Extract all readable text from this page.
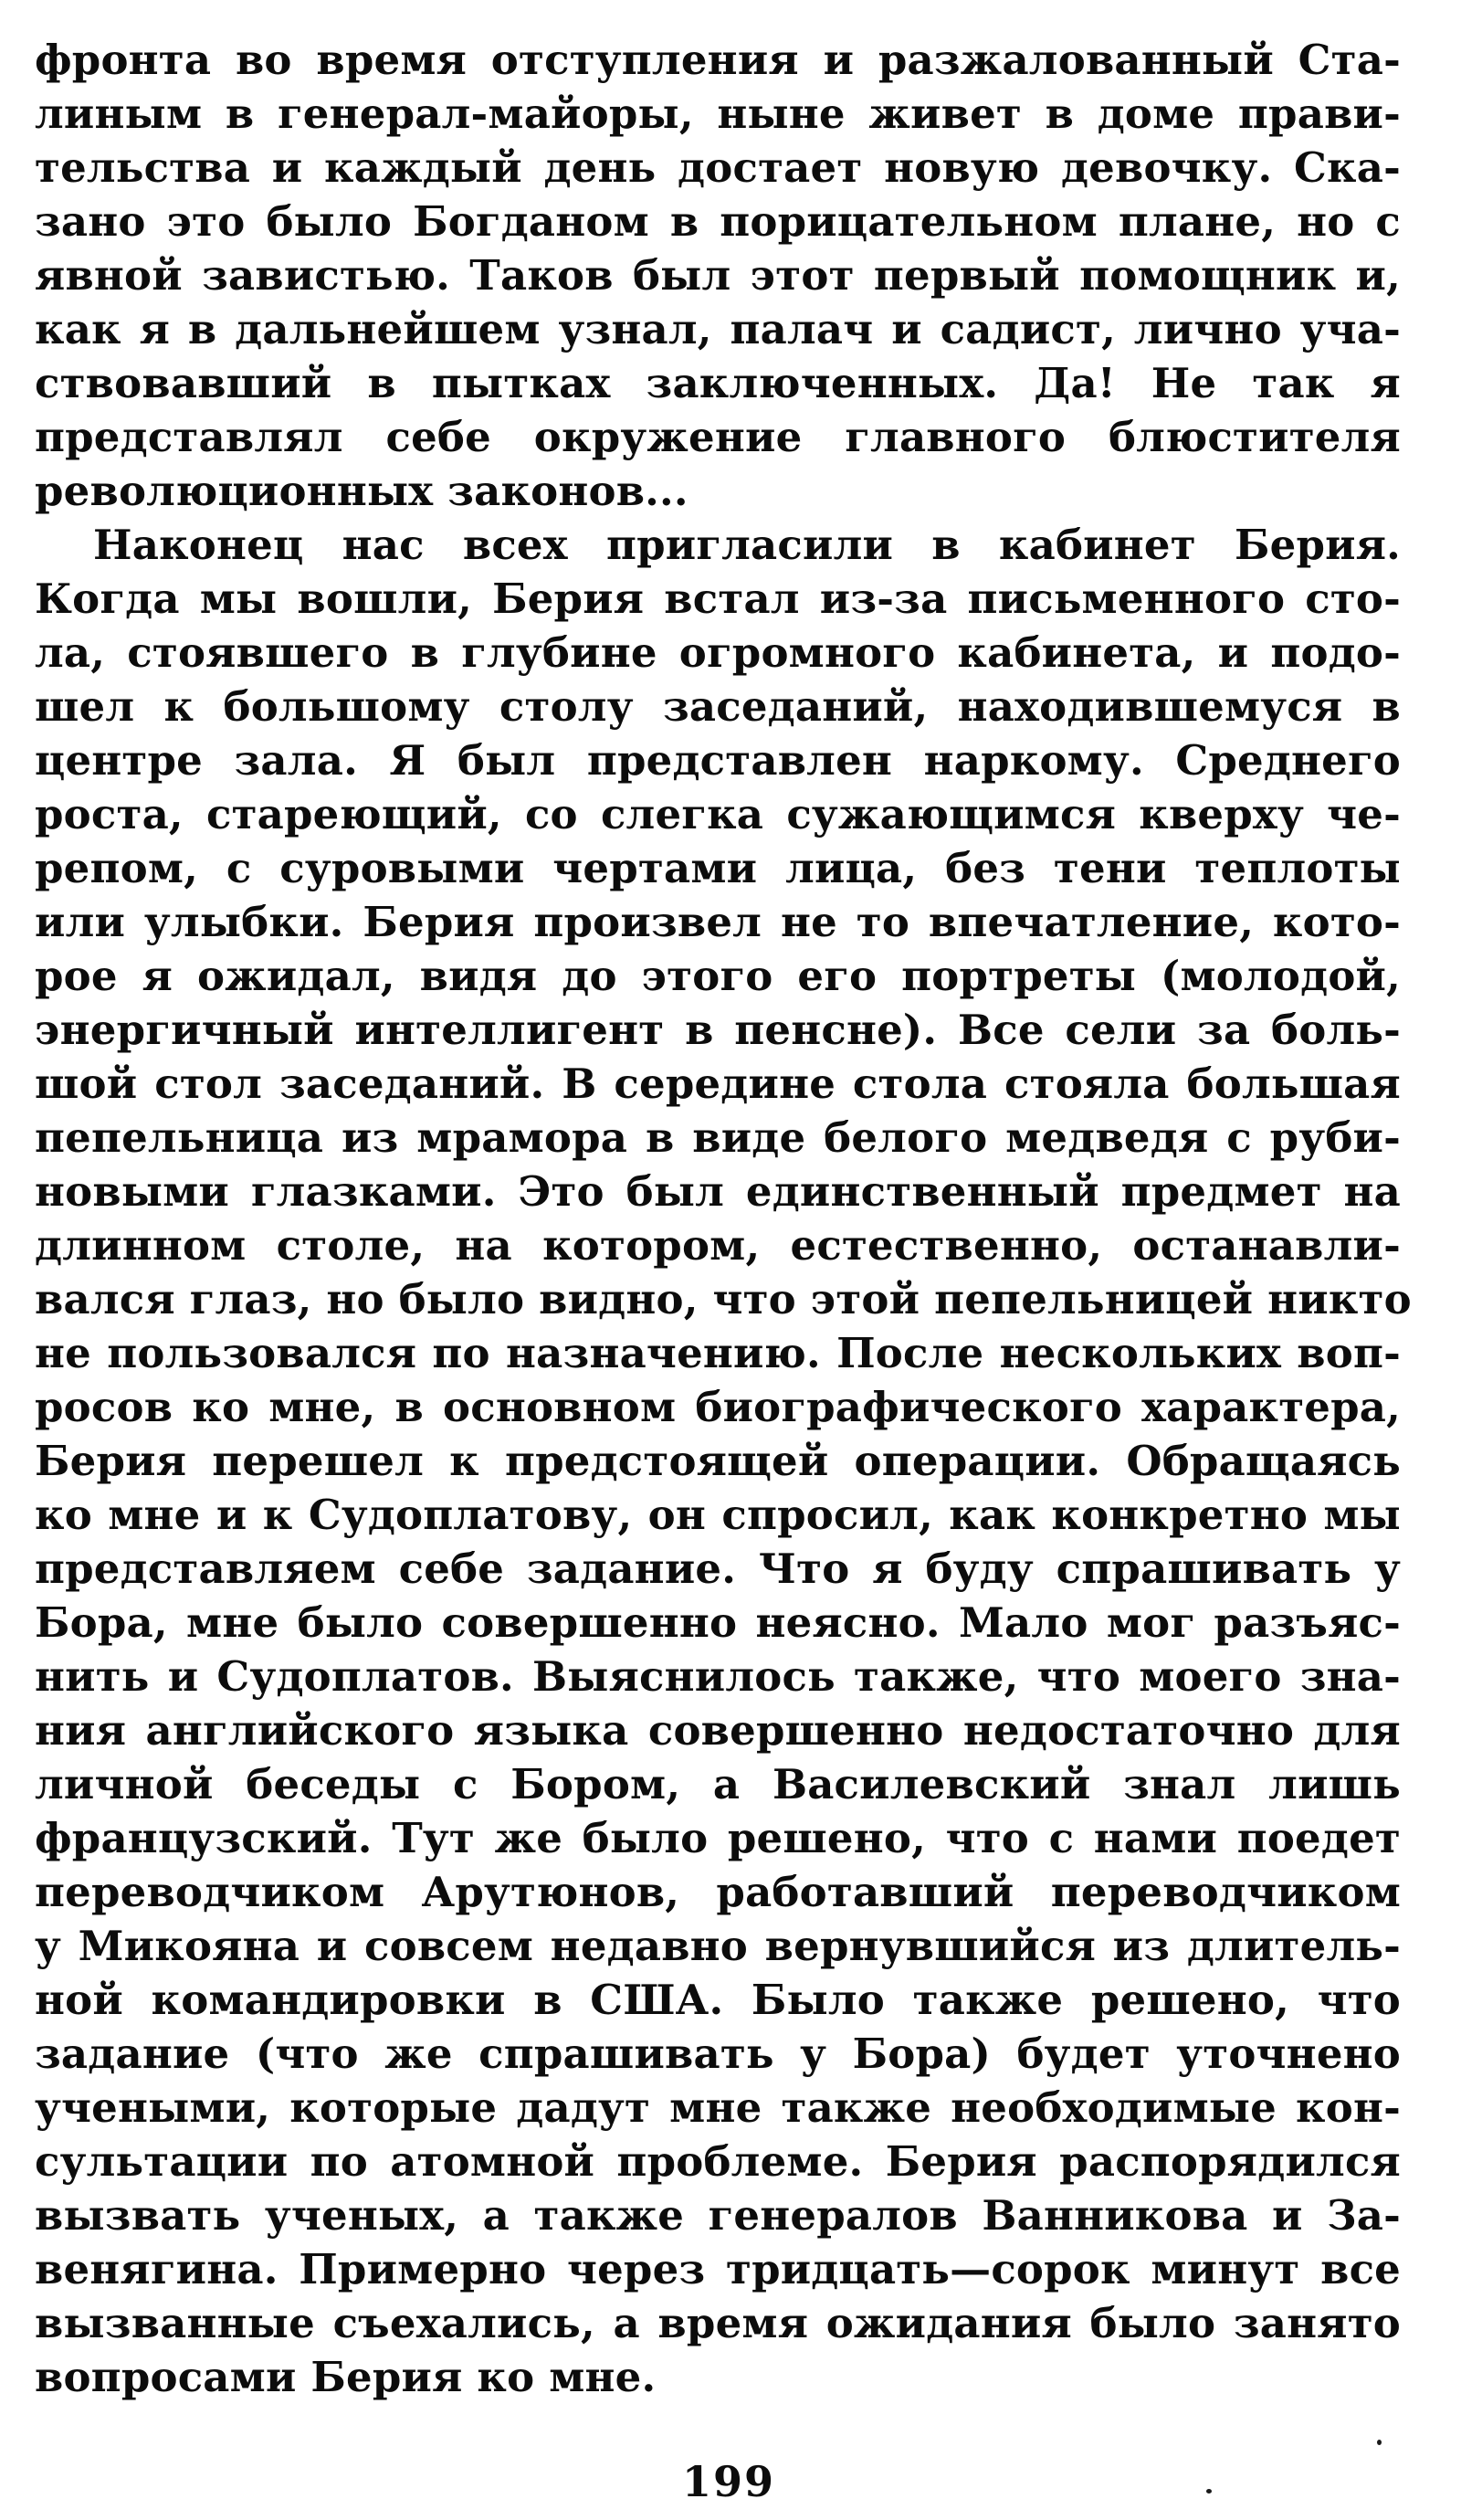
фронта во время отступления и разжалованный Ста-
линым в генерал-майоры, ныне живет в доме прави-
тельства и каждый день достает новую девочку. Ска-
зано это было Богданом в порицательном плане, но с
явной завистью. Таков был этот первый помощник и,
как я в дальнейшем узнал, палач и садист, лично уча-
ствовавший в пытках заключенных. Да! Не так я
представлял себе окружение главного блюстителя
революционных законов...
Наконец нас всех пригласили в кабинет Берия.
Когда мы вошли, Берия встал из-за письменного сто-
ла, стоявшего в глубине огромного кабинета, и подо-
шел к большому столу заседаний, находившемуся в
центре зала. Я был представлен наркому. Среднего
роста, стареющий, со слегка сужающимся кверху че-
репом, с суровыми чертами лица, без тени теплоты
или улыбки. Берия произвел не то впечатление, кото-
рое я ожидал, видя до этого его портреты (молодой,
энергичный интеллигент в пенсне). Все сели за боль-
шой стол заседаний. В середине стола стояла большая
пепельница из мрамора в виде белого медведя с руби-
новыми глазками. Это был единственный предмет на
длинном столе, на котором, естественно, останавли-
вался глаз, но было видно, что этой пепельницей никто
не пользовался по назначению. После нескольких воп-
росов ко мне, в основном биографического характера,
Берия перешел к предстоящей операции. Обращаясь
ко мне и к Судоплатову, он спросил, как конкретно мы
представляем себе задание. Что я буду спрашивать у
Бора, мне было совершенно неясно. Мало мог разъяс-
нить и Судоплатов. Выяснилось также, что моего зна-
ния английского языка совершенно недостаточно для
личной беседы с Бором, а Василевский знал лишь
французский. Тут же было решено, что с нами поедет
переводчиком Арутюнов, работавший переводчиком
у Микояна и совсем недавно вернувшийся из длитель-
ной командировки в США. Было также решено, что
задание (что же спрашивать у Бора) будет уточнено
учеными, которые дадут мне также необходимые кон-
сультации по атомной проблеме. Берия распорядился
вызвать ученых, а также генералов Ванникова и За-
венягина. Примерно через тридцать—сорок минут все
вызванные съехались, а время ожидания было занято
вопросами Берия ко мне.
199
